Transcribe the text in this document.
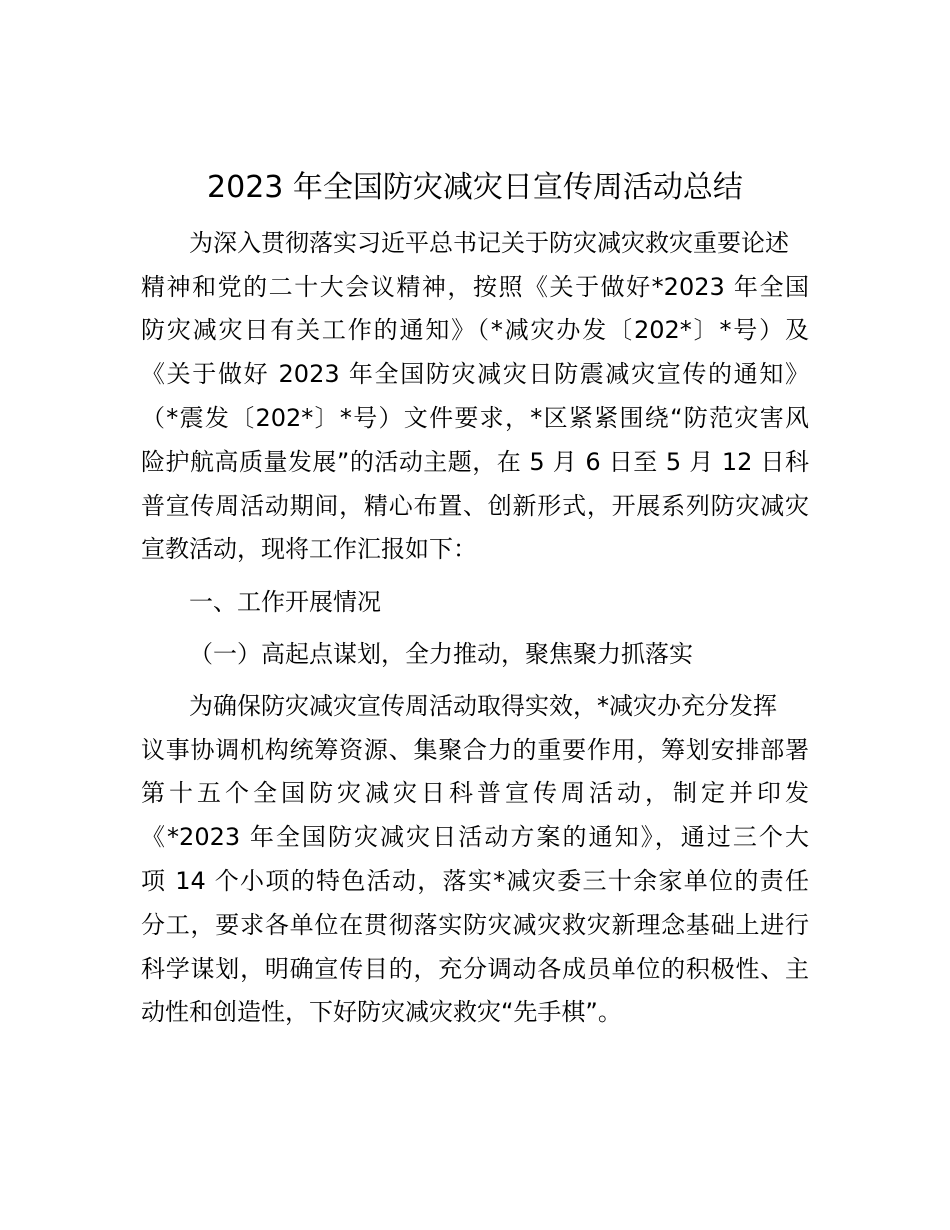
2023 年全国防灾减灾日宣传周活动总结
为深入贯彻落实习近平总书记关于防灾减灾救灾重要论述
精神和党的二十大会议精神，按照《关于做好*2023 年全国
防灾减灾日有关工作的通知》（*减灾办发〔202*〕*号）及
《关于做好 2023 年全国防灾减灾日防震减灾宣传的通知》
（*震发〔202*〕*号）文件要求，*区紧紧围绕“防范灾害风
险护航高质量发展”的活动主题，在 5 月 6 日至 5 月 12 日科
普宣传周活动期间，精心布置、创新形式，开展系列防灾减灾
宣教活动，现将工作汇报如下：
一、工作开展情况
（一）高起点谋划，全力推动，聚焦聚力抓落实
为确保防灾减灾宣传周活动取得实效，*减灾办充分发挥
议事协调机构统筹资源、集聚合力的重要作用，筹划安排部署
第十五个全国防灾减灾日科普宣传周活动，制定并印发
《*2023 年全国防灾减灾日活动方案的通知》，通过三个大
项 14 个小项的特色活动，落实*减灾委三十余家单位的责任
分工，要求各单位在贯彻落实防灾减灾救灾新理念基础上进行
科学谋划，明确宣传目的，充分调动各成员单位的积极性、主
动性和创造性，下好防灾减灾救灾“先手棋”。
